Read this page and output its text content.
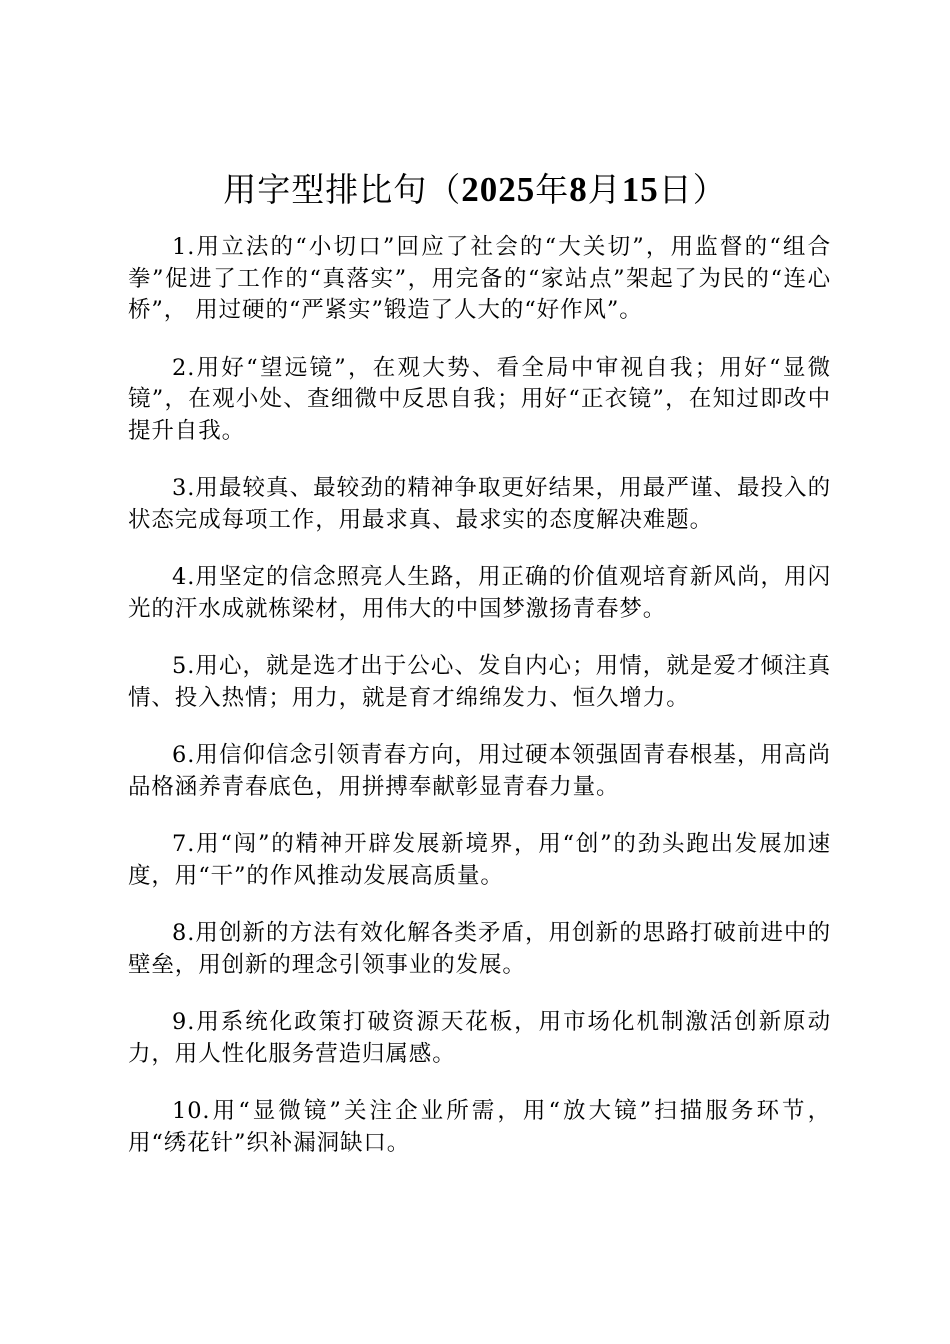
用字型排比句（2025年8月15日）

1.用立法的“小切口”回应了社会的“大关切”，用监督的“组合拳”促进了工作的“真落实”，用完备的“家站点”架起了为民的“连心桥”， 用过硬的“严紧实”锻造了人大的“好作风”。

2.用好“望远镜”，在观大势、看全局中审视自我；用好“显微镜”，在观小处、查细微中反思自我；用好“正衣镜”，在知过即改中提升自我。

3.用最较真、最较劲的精神争取更好结果，用最严谨、最投入的状态完成每项工作，用最求真、最求实的态度解决难题。

4.用坚定的信念照亮人生路，用正确的价值观培育新风尚，用闪光的汗水成就栋梁材，用伟大的中国梦激扬青春梦。

5.用心，就是选才出于公心、发自内心；用情，就是爱才倾注真情、投入热情；用力，就是育才绵绵发力、恒久增力。

6.用信仰信念引领青春方向，用过硬本领强固青春根基，用高尚品格涵养青春底色，用拼搏奉献彰显青春力量。

7.用“闯”的精神开辟发展新境界，用“创”的劲头跑出发展加速度，用“干”的作风推动发展高质量。

8.用创新的方法有效化解各类矛盾，用创新的思路打破前进中的壁垒，用创新的理念引领事业的发展。

9.用系统化政策打破资源天花板，用市场化机制激活创新原动力，用人性化服务营造归属感。

10.用“显微镜”关注企业所需，用“放大镜”扫描服务环节，用“绣花针”织补漏洞缺口。
